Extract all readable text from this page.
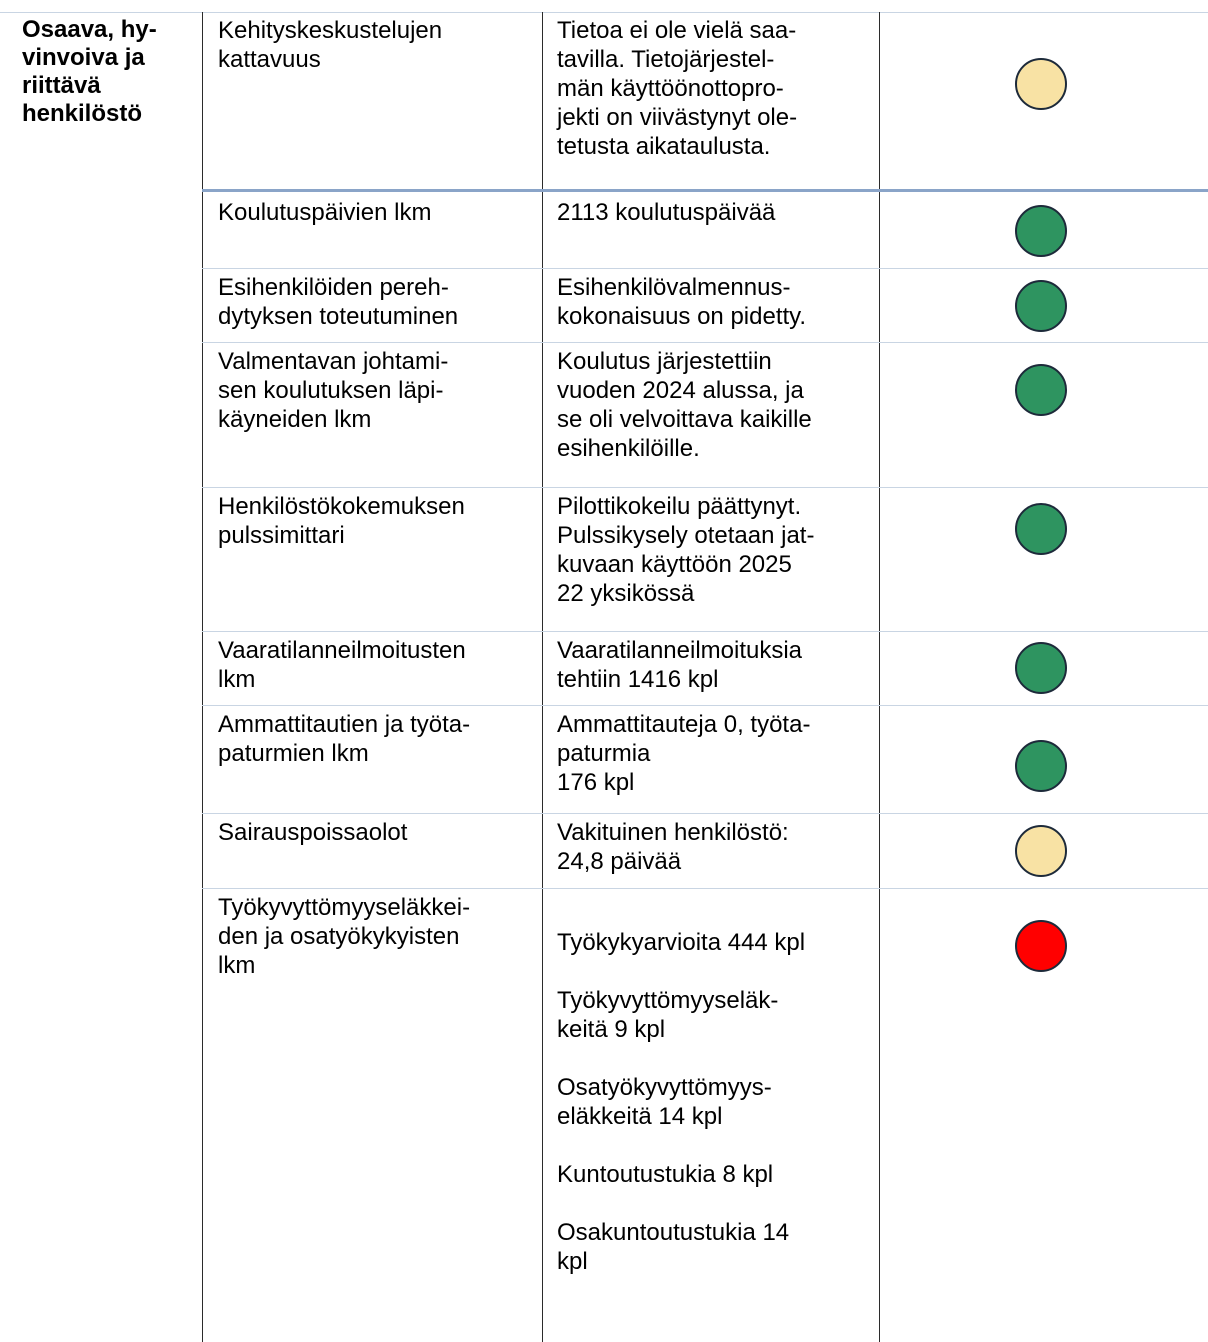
Osaava, hy-
vinvoiva ja
riittävä
henkilöstö
Kehityskeskustelujen
kattavuus
Tietoa ei ole vielä saa-
tavilla. Tietojärjestel-
män käyttöönottopro-
jekti on viivästynyt ole-
tetusta aikataulusta.
Koulutuspäivien lkm	2113 koulutuspäivää
Esihenkilöiden pereh-
dytyksen toteutuminen
Esihenkilövalmennus-
kokonaisuus on pidetty.
Valmentavan johtami-
sen koulutuksen läpi-
käyneiden lkm
Koulutus järjestettiin
vuoden 2024 alussa, ja
se oli velvoittava kaikille
esihenkilöille.
Henkilöstökokemuksen
pulssimittari
Pilottikokeilu päättynyt.
Pulssikysely otetaan jat-
kuvaan käyttöön 2025
22 yksikössä
Vaaratilanneilmoitusten
lkm
Vaaratilanneilmoituksia
tehtiin 1416 kpl
Ammattitautien ja työta-
paturmien lkm
Ammattitauteja 0, työta-
paturmia
176 kpl
Sairauspoissaolot	Vakituinen henkilöstö:
24,8 päivää
Työkyvyttömyyseläkkei-
den ja osatyökykyisten
lkm
Työkykyarvioita 444 kpl
Työkyvyttömyyseläk-
keitä 9 kpl
Osatyökyvyttömyys-
eläkkeitä 14 kpl
Kuntoutustukia 8 kpl
Osakuntoutustukia 14
kpl
